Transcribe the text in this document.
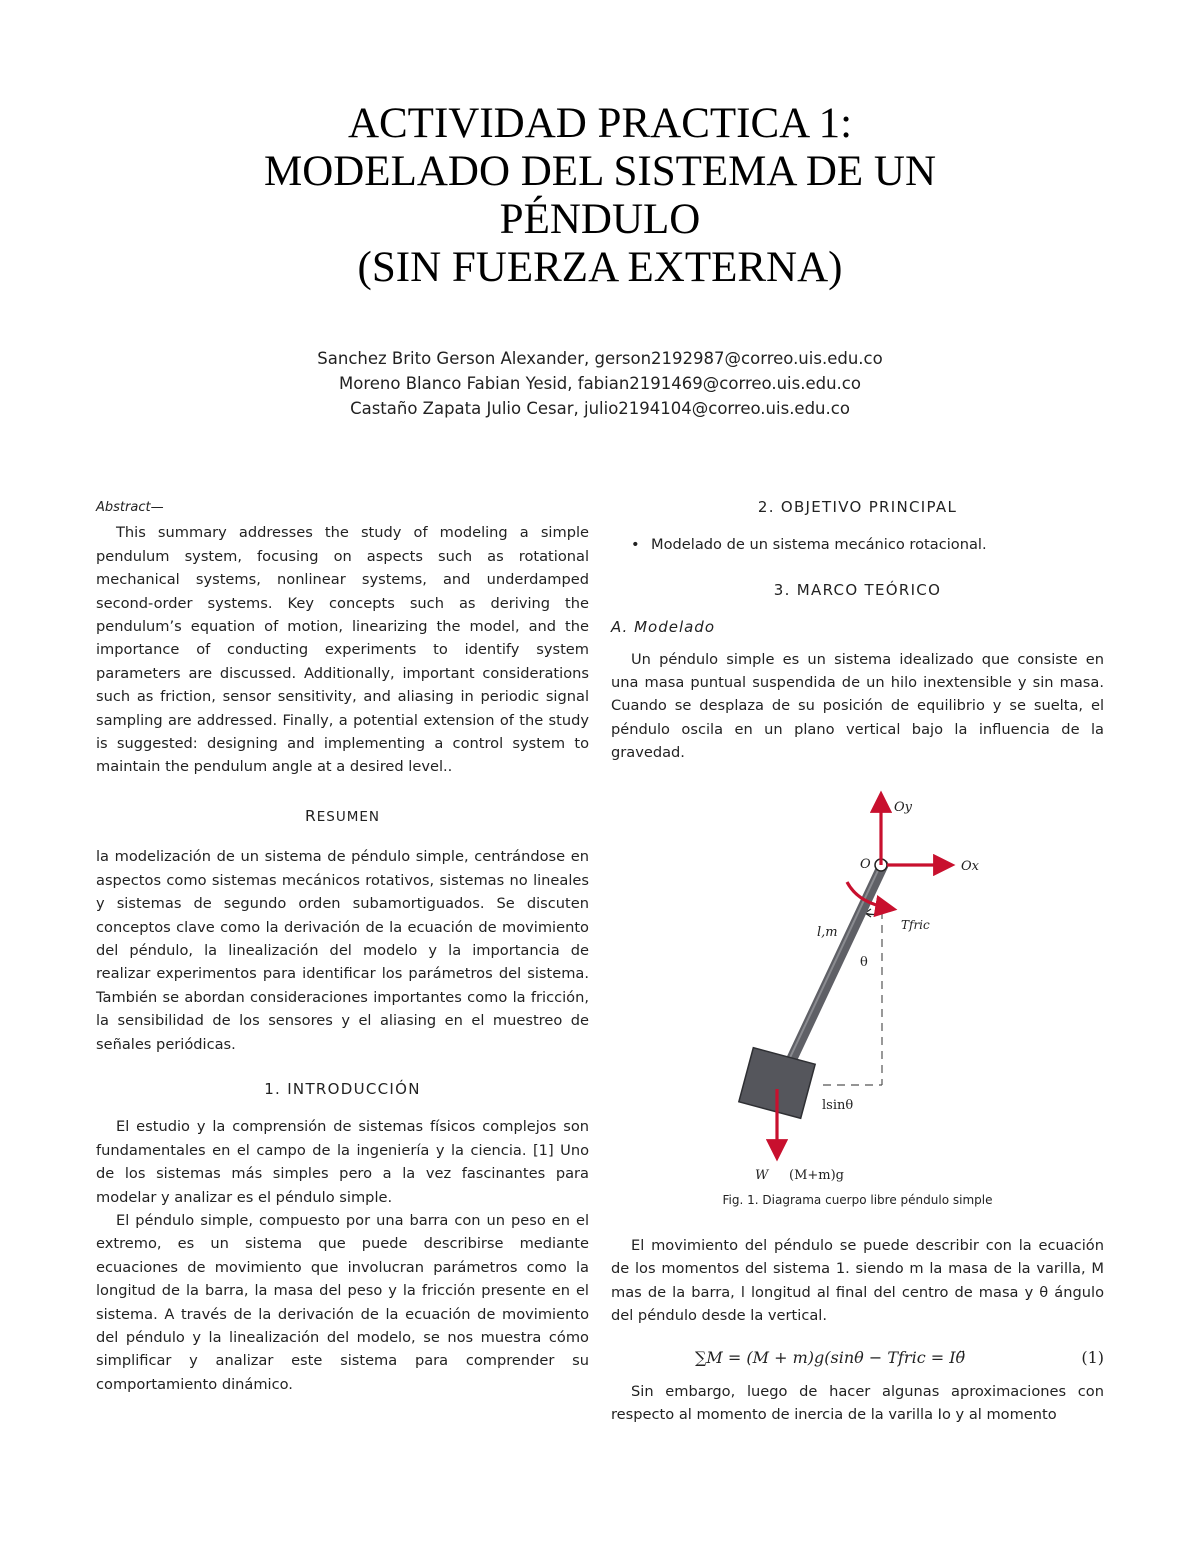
ACTIVIDAD PRACTICA 1:
MODELADO DEL SISTEMA DE UN
PÉNDULO
(SIN FUERZA EXTERNA)
Sanchez Brito Gerson Alexander, gerson2192987@correo.uis.edu.co
Moreno Blanco Fabian Yesid, fabian2191469@correo.uis.edu.co
Castaño Zapata Julio Cesar, julio2194104@correo.uis.edu.co

Abstract—

This summary addresses the study of modeling a simple pendulum system, focusing on aspects such as rotational mechanical systems, nonlinear systems, and underdamped second-order systems. Key concepts such as deriving the pendulum’s equation of motion, linearizing the model, and the importance of conducting experiments to identify system parameters are discussed. Additionally, important considerations such as friction, sensor sensitivity, and aliasing in periodic signal sampling are addressed. Finally, a potential extension of the study is suggested: designing and implementing a control system to maintain the pendulum angle at a desired level..

RESUMEN

la modelización de un sistema de péndulo simple, centrándose en aspectos como sistemas mecánicos rotativos, sistemas no lineales y sistemas de segundo orden subamortiguados. Se discuten conceptos clave como la derivación de la ecuación de movimiento del péndulo, la linealización del modelo y la importancia de realizar experimentos para identificar los parámetros del sistema. También se abordan consideraciones importantes como la fricción, la sensibilidad de los sensores y el aliasing en el muestreo de señales periódicas.

1. INTRODUCCIÓN

El estudio y la comprensión de sistemas físicos complejos son fundamentales en el campo de la ingeniería y la ciencia. [1] Uno de los sistemas más simples pero a la vez fascinantes para modelar y analizar es el péndulo simple.

El péndulo simple, compuesto por una barra con un peso en el extremo, es un sistema que puede describirse mediante ecuaciones de movimiento que involucran parámetros como la longitud de la barra, la masa del peso y la fricción presente en el sistema. A través de la derivación de la ecuación de movimiento del péndulo y la linealización del modelo, se nos muestra cómo simplificar y analizar este sistema para comprender su comportamiento dinámico.

2. OBJETIVO PRINCIPAL
• Modelado de un sistema mecánico rotacional.
3. MARCO TEÓRICO
A. Modelado

Un péndulo simple es un sistema idealizado que consiste en una masa puntual suspendida de un hilo inextensible y sin masa. Cuando se desplaza de su posición de equilibrio y se suelta, el péndulo oscila en un plano vertical bajo la influencia de la gravedad.

Oy
O	Ox
Tfric
l,m
θ
lsinθ
W (M+m)g
Fig. 1. Diagrama cuerpo libre péndulo simple

El movimiento del péndulo se puede describir con la ecuación de los momentos del sistema 1. siendo m la masa de la varilla, M mas de la barra, l longitud al final del centro de masa y θ ángulo del péndulo desde la vertical.

∑M = (M + m)g(sinθ − Tfric = Iθ̈	(1)

Sin embargo, luego de hacer algunas aproximaciones con respecto al momento de inercia de la varilla Io y al momento
